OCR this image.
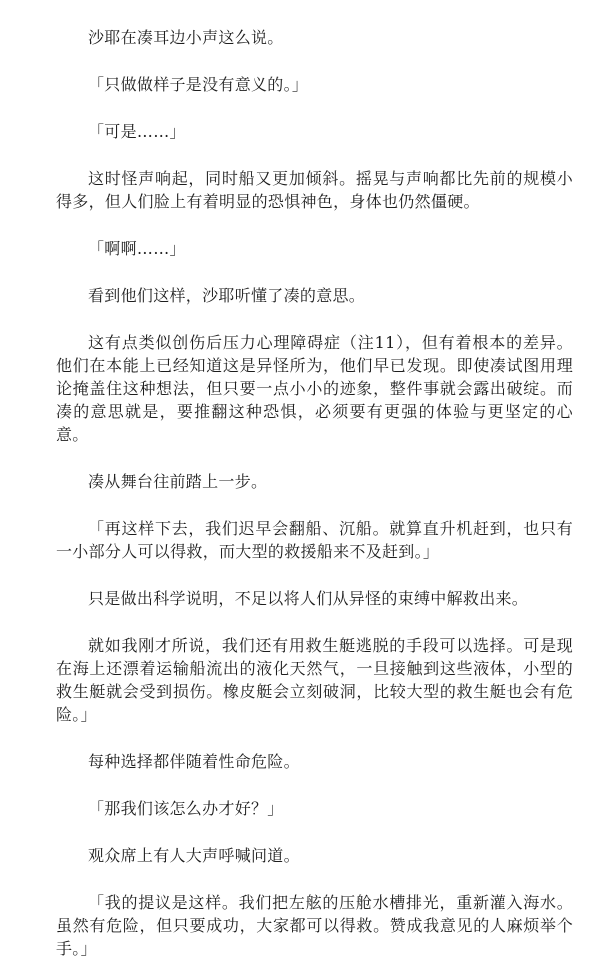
沙耶在凑耳边小声这么说。

「只做做样子是没有意义的。」

「可是……」

这时怪声响起，同时船又更加倾斜。摇晃与声响都比先前的规模小得多，但人们脸上有着明显的恐惧神色，身体也仍然僵硬。

「啊啊……」

看到他们这样，沙耶听懂了凑的意思。

这有点类似创伤后压力心理障碍症（注11），但有着根本的差异。他们在本能上已经知道这是异怪所为，他们早已发现。即使凑试图用理论掩盖住这种想法，但只要一点小小的迹象，整件事就会露出破绽。而凑的意思就是，要推翻这种恐惧，必须要有更强的体验与更坚定的心意。

凑从舞台往前踏上一步。

「再这样下去，我们迟早会翻船、沉船。就算直升机赶到，也只有一小部分人可以得救，而大型的救援船来不及赶到。」

只是做出科学说明，不足以将人们从异怪的束缚中解救出来。

就如我刚才所说，我们还有用救生艇逃脱的手段可以选择。可是现在海上还漂着运输船流出的液化天然气，一旦接触到这些液体，小型的救生艇就会受到损伤。橡皮艇会立刻破洞，比较大型的救生艇也会有危险。」

每种选择都伴随着性命危险。

「那我们该怎么办才好？」

观众席上有人大声呼喊问道。

「我的提议是这样。我们把左舷的压舱水槽排光，重新灌入海水。虽然有危险，但只要成功，大家都可以得救。赞成我意见的人麻烦举个手。」
